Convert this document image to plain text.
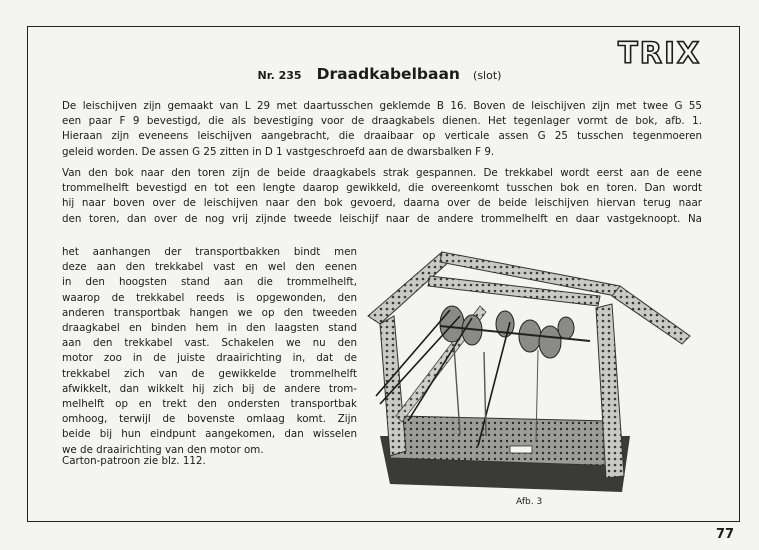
TRIX
Nr. 235 Draadkabelbaan (slot)
De leischijven zijn gemaakt van L 29 met daartusschen geklemde B 16. Boven de leischijven zijn met twee G 55
een paar F 9 bevestigd, die als bevestiging voor de draagkabels dienen. Het tegenlager vormt de bok, afb. 1.
Hieraan zijn eveneens leischijven aangebracht, die draaibaar op verticale assen G 25 tusschen tegenmoeren
geleid worden. De assen G 25 zitten in D 1 vastgeschroefd aan de dwarsbalken F 9.
Van den bok naar den toren zijn de beide draagkabels strak gespannen. De trekkabel wordt eerst aan de eene
trommelhelft bevestigd en tot een lengte daarop gewikkeld, die overeenkomt tusschen bok en toren. Dan wordt
hij naar boven over de leischijven naar den bok gevoerd, daarna over de beide leischijven hiervan terug naar
den toren, dan over de nog vrij zijnde tweede leischijf naar de andere trommelhelft en daar vastgeknoopt. Na
het aanhangen der transportbakken bindt men
deze aan den trekkabel vast en wel den eenen
in den hoogsten stand aan die trommelhelft,
waarop de trekkabel reeds is opgewonden, den
anderen transportbak hangen we op den tweeden
draagkabel en binden hem in den laagsten stand
aan den trekkabel vast. Schakelen we nu den
motor zoo in de juiste draairichting in, dat de
trekkabel zich van de gewikkelde trommelhelft
afwikkelt, dan wikkelt hij zich bij de andere trom-
melhelft op en trekt den ondersten transportbak
omhoog, terwijl de bovenste omlaag komt. Zijn
beide bij hun eindpunt aangekomen, dan wisselen
we de draairichting van den motor om.
Carton-patroon zie blz. 112.
Afb. 3
77
